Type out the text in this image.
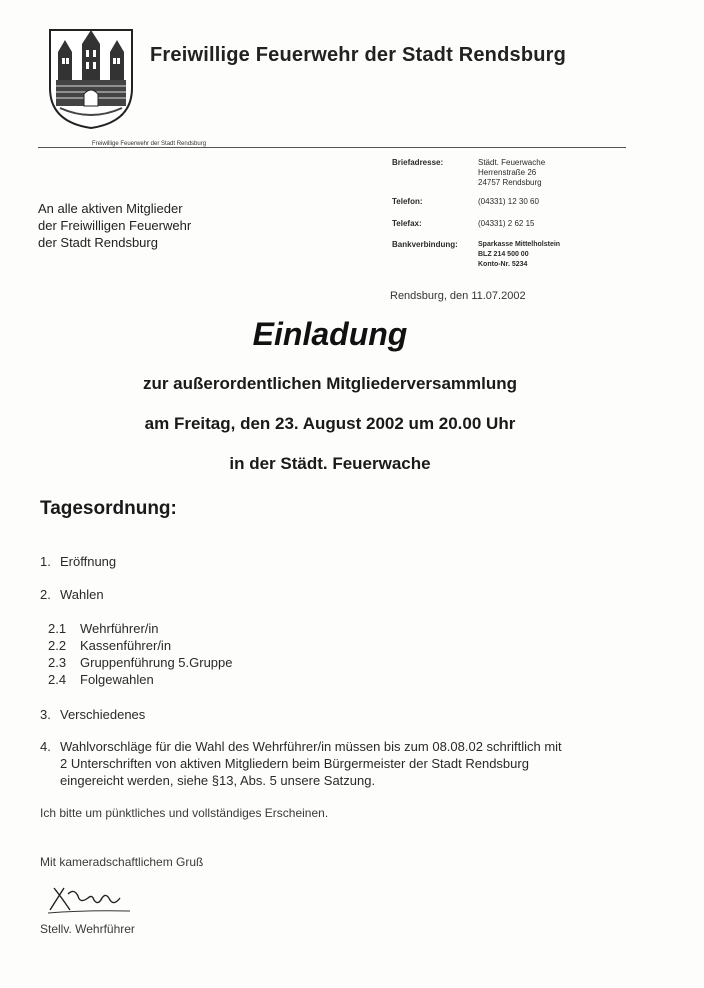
Freiwillige Feuerwehr der Stadt Rendsburg
Freiwillige Feuerwehr der Stadt Rendsburg
Briefadresse:	Städt. Feuerwache
Herrenstraße 26
24757 Rendsburg
Telefon:	(04331) 12 30 60
Telefax:	(04331) 2 62 15
Bankverbindung:	Sparkasse Mittelholstein
BLZ 214 500 00
Konto-Nr. 5234
An alle aktiven Mitglieder
der Freiwilligen Feuerwehr
der Stadt Rendsburg
Rendsburg, den 11.07.2002
Einladung
zur außerordentlichen Mitgliederversammlung
am Freitag, den 23. August 2002 um 20.00 Uhr
in der Städt. Feuerwache
Tagesordnung:
1. Eröffnung
2. Wahlen
2.1 Wehrführer/in
2.2 Kassenführer/in
2.3 Gruppenführung 5.Gruppe
2.4 Folgewahlen
3. Verschiedenes
4. Wahlvorschläge für die Wahl des Wehrführer/in müssen bis zum 08.08.02 schriftlich mit 2 Unterschriften von aktiven Mitgliedern beim Bürgermeister der Stadt Rendsburg eingereicht werden, siehe §13, Abs. 5 unsere Satzung.
Ich bitte um pünktliches und vollständiges Erscheinen.
Mit kameradschaftlichem Gruß
Stellv. Wehrführer
